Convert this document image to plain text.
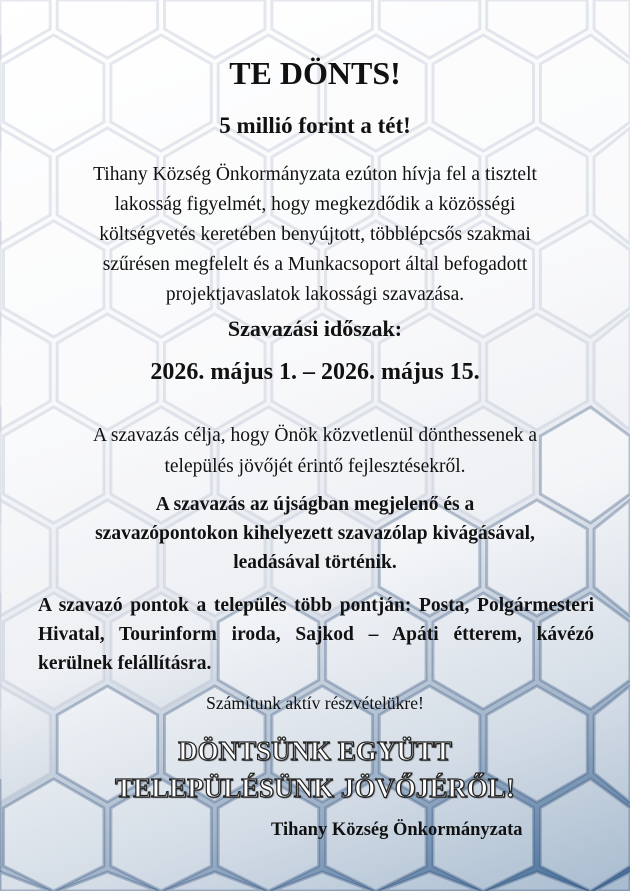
TE DÖNTS!
5 millió forint a tét!

Tihany Község Önkormányzata ezúton hívja fel a tisztelt

lakosság figyelmét, hogy megkezdődik a közösségi

költségvetés keretében benyújtott, többlépcsős szakmai

szűrésen megfelelt és a Munkacsoport által befogadott

projektjavaslatok lakossági szavazása.

Szavazási időszak:
2026. május 1. – 2026. május 15.

A szavazás célja, hogy Önök közvetlenül dönthessenek a

település jövőjét érintő fejlesztésekről.

A szavazás az újságban megjelenő és a

szavazópontokon kihelyezett szavazólap kivágásával,

leadásával történik.

A szavazó pontok a település több pontján: Posta, Polgármesteri Hivatal, Tourinform iroda, Sajkod – Apáti étterem, kávézó kerülnek felállításra.
Számítunk aktív részvételükre!

DÖNTSÜNK EGYÜTT

TELEPÜLÉSÜNK JÖVŐJÉRŐL!

Tihany Község Önkormányzata
